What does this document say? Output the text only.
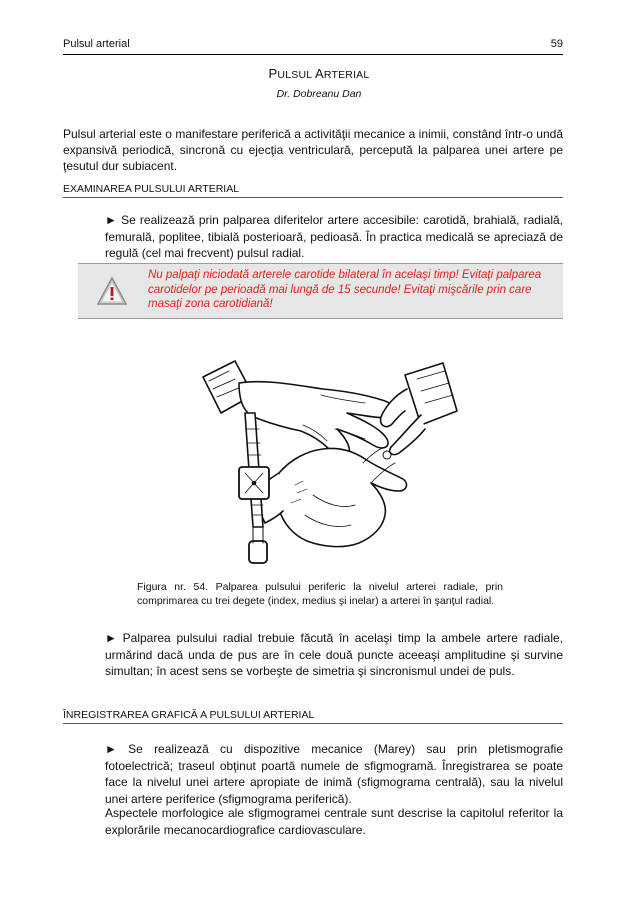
Pulsul arterial	59
PULSUL ARTERIAL
Dr. Dobreanu Dan
Pulsul arterial este o manifestare periferică a activităţii mecanice a inimii, constând într-o undă expansivă periodică, sincronă cu ejecţia ventriculară, percepută la palparea unei artere pe ţesutul dur subiacent.
EXAMINAREA PULSULUI ARTERIAL
► Se realizează prin palparea diferitelor artere accesibile: carotidă, brahială, radială, femurală, poplitee, tibială posterioară, pedioasă. În practica medicală se apreciază de regulă (cel mai frecvent) pulsul radial.
Nu palpaţi niciodată arterele carotide bilateral în acelaşi timp! Evitaţi palparea carotidelor pe perioadă mai lungă de 15 secunde! Evitaţi mişcările prin care masaţi zona carotidiană!
Figura nr. 54. Palparea pulsului periferic la nivelul arterei radiale, prin comprimarea cu trei degete (index, medius şi inelar) a arterei în şanţul radial.
► Palparea pulsului radial trebuie făcută în acelaşi timp la ambele artere radiale, urmărind dacă unda de pus are în cele două puncte aceeaşi amplitudine şi survine simultan; în acest sens se vorbeşte de simetria şi sincronismul undei de puls.
ÎNREGISTRAREA GRAFICĂ A PULSULUI ARTERIAL
► Se realizează cu dispozitive mecanice (Marey) sau prin pletismografie fotoelectrică; traseul obţinut poartă numele de sfigmogramă. Înregistrarea se poate face la nivelul unei artere apropiate de inimă (sfigmograma centrală), sau la nivelul unei artere periferice (sfigmograma periferică).
Aspectele morfologice ale sfigmogramei centrale sunt descrise la capitolul referitor la explorările mecanocardiografice cardiovasculare.
